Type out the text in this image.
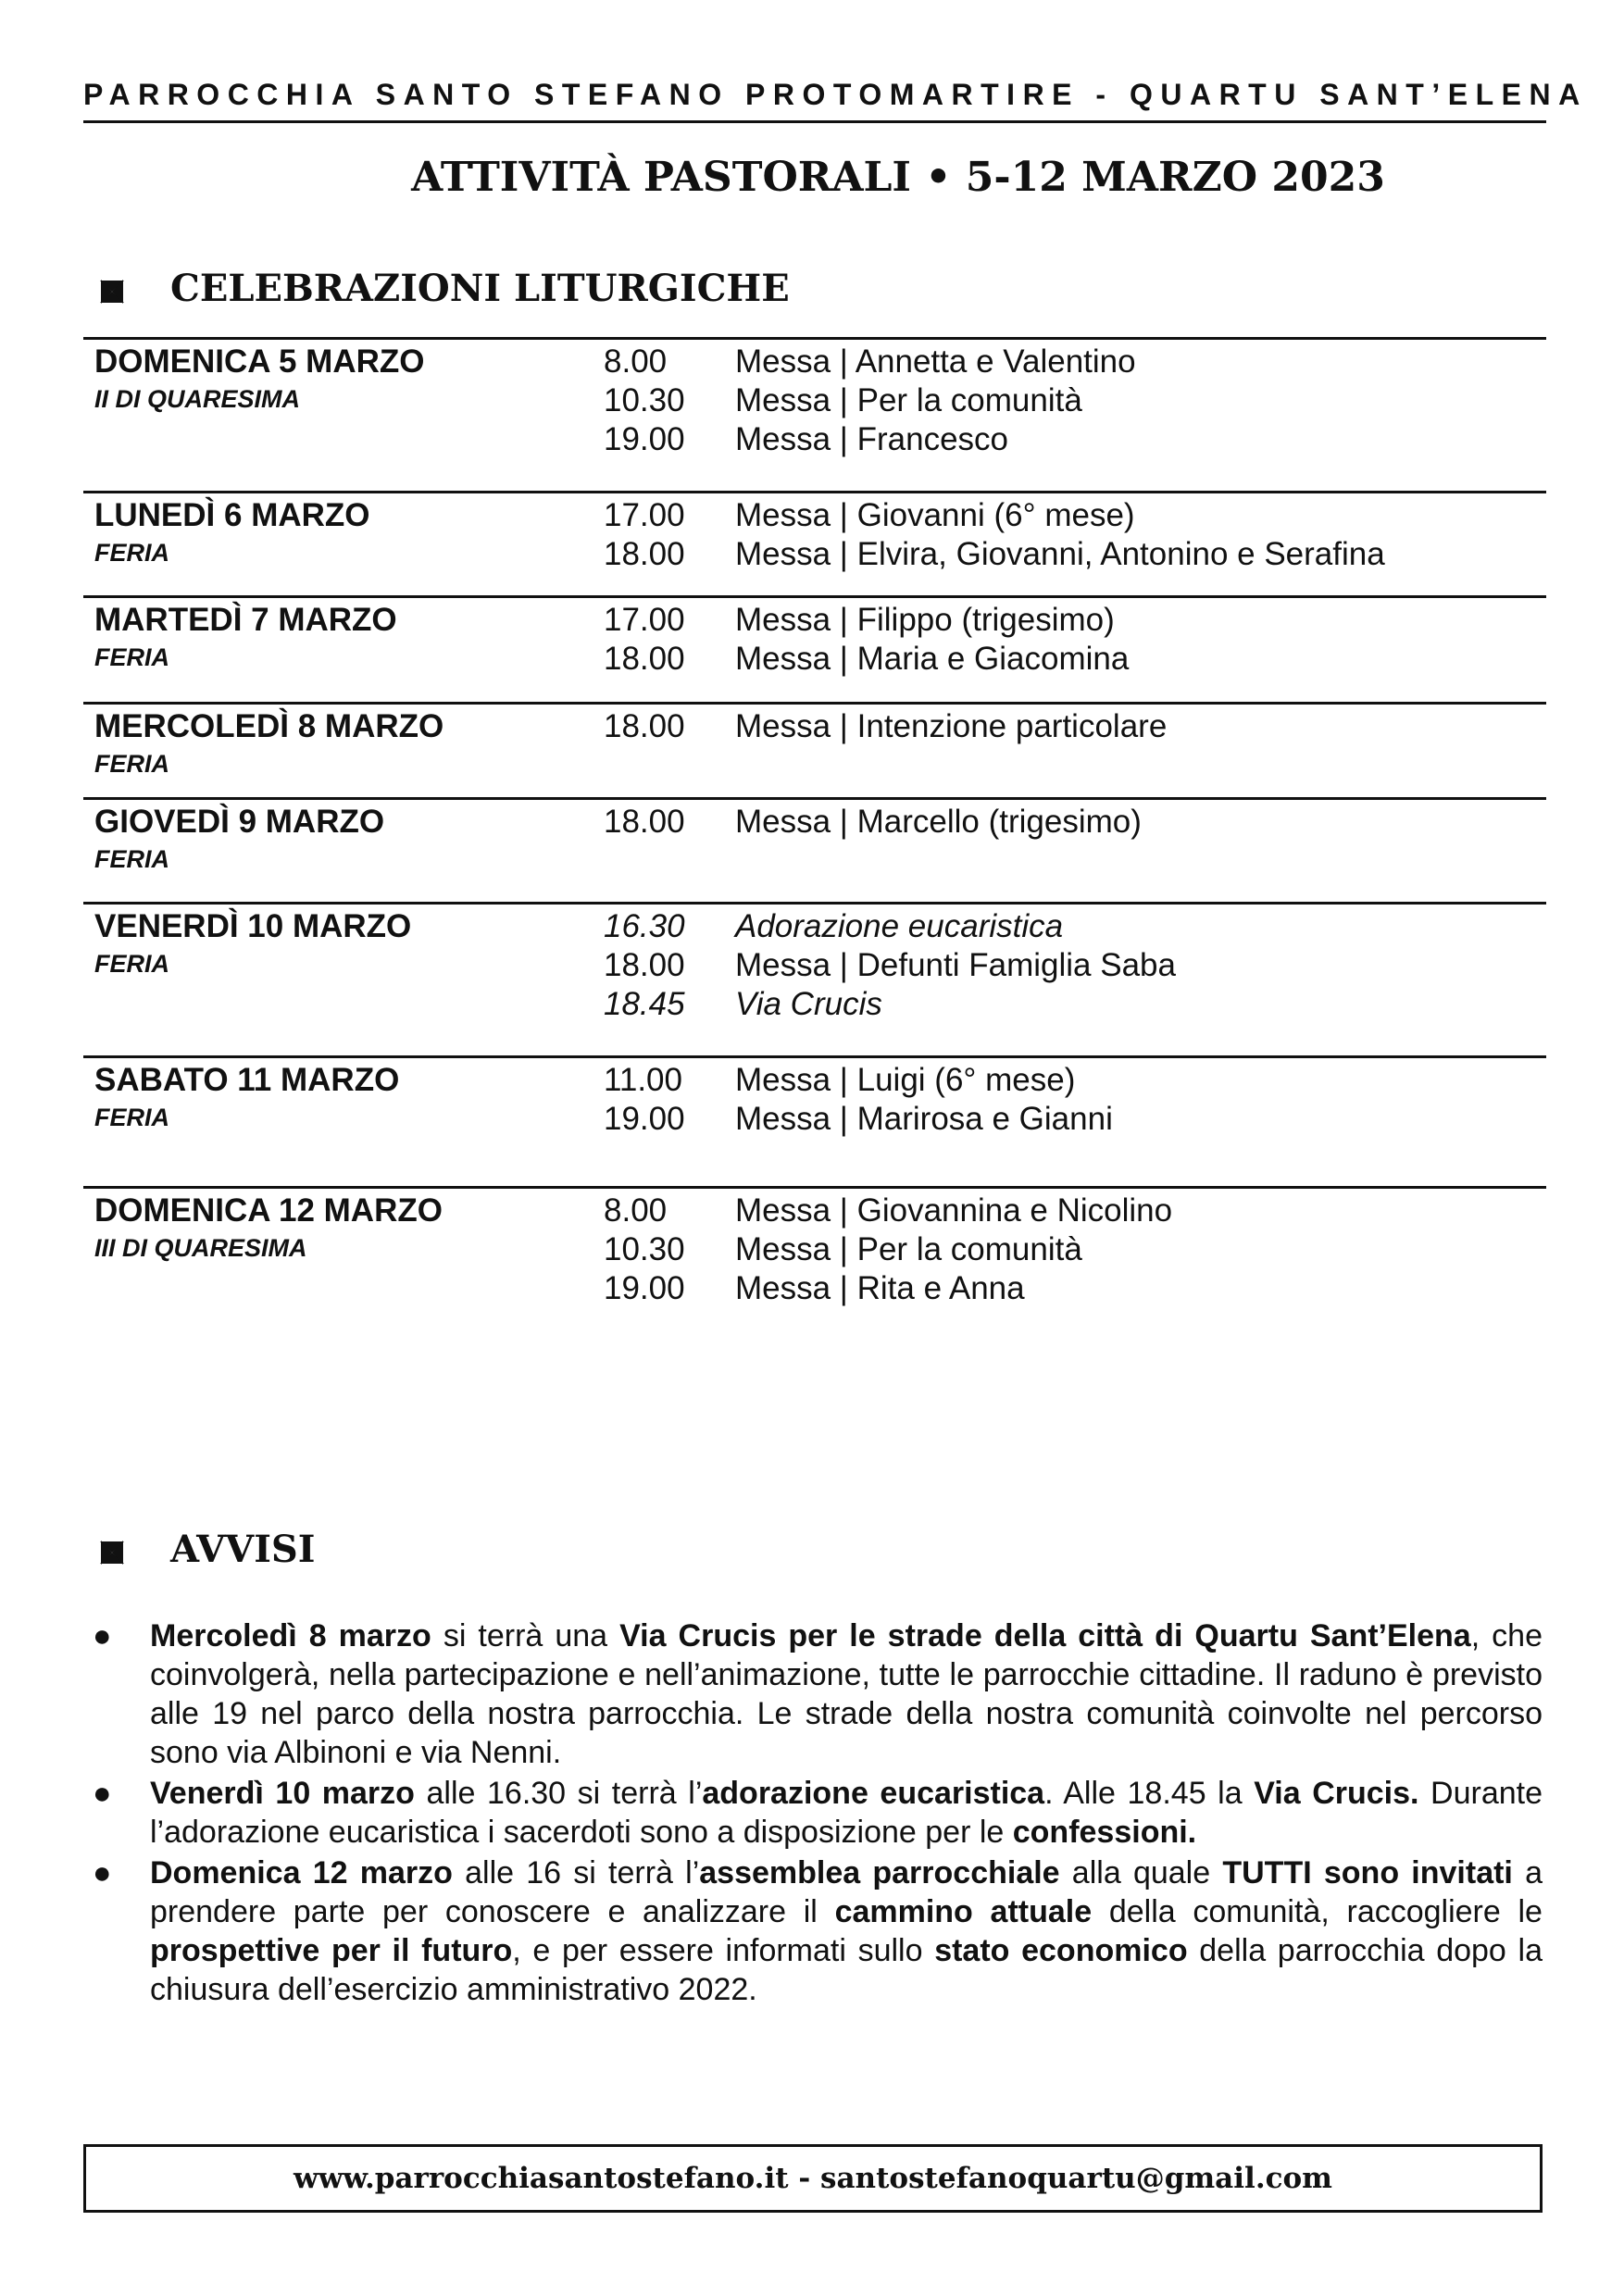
PARROCCHIA SANTO STEFANO PROTOMARTIRE - QUARTU SANT’ELENA
ATTIVITÀ PASTORALI • 5-12 MARZO 2023
CELEBRAZIONI LITURGICHE
DOMENICA 5 MARZO
II DI QUARESIMA
8.00 Messa | Annetta e Valentino
10.30 Messa | Per la comunità
19.00 Messa | Francesco
LUNEDÌ 6 MARZO
FERIA
17.00 Messa | Giovanni (6° mese)
18.00 Messa | Elvira, Giovanni, Antonino e Serafina
MARTEDÌ 7 MARZO
FERIA
17.00 Messa | Filippo (trigesimo)
18.00 Messa | Maria e Giacomina
MERCOLEDÌ 8 MARZO
FERIA
18.00 Messa | Intenzione particolare
GIOVEDÌ 9 MARZO
FERIA
18.00 Messa | Marcello (trigesimo)
VENERDÌ 10 MARZO
FERIA
16.30 Adorazione eucaristica
18.00 Messa | Defunti Famiglia Saba
18.45 Via Crucis
SABATO 11 MARZO
FERIA
11.00 Messa | Luigi (6° mese)
19.00 Messa | Marirosa e Gianni
DOMENICA 12 MARZO
III DI QUARESIMA
8.00 Messa | Giovannina e Nicolino
10.30 Messa | Per la comunità
19.00 Messa | Rita e Anna
AVVISI
● Mercoledì 8 marzo si terrà una Via Crucis per le strade della città di Quartu Sant’Elena, che coinvolgerà, nella partecipazione e nell’animazione, tutte le parrocchie cittadine. Il raduno è previsto alle 19 nel parco della nostra parrocchia. Le strade della nostra comunità coinvolte nel percorso sono via Albinoni e via Nenni.
● Venerdì 10 marzo alle 16.30 si terrà l’adorazione eucaristica. Alle 18.45 la Via Crucis. Durante l’adorazione eucaristica i sacerdoti sono a disposizione per le confessioni.
● Domenica 12 marzo alle 16 si terrà l’assemblea parrocchiale alla quale TUTTI sono invitati a prendere parte per conoscere e analizzare il cammino attuale della comunità, raccogliere le prospettive per il futuro, e per essere informati sullo stato economico della parrocchia dopo la chiusura dell’esercizio amministrativo 2022.
www.parrocchiasantostefano.it - santostefanoquartu@gmail.com
